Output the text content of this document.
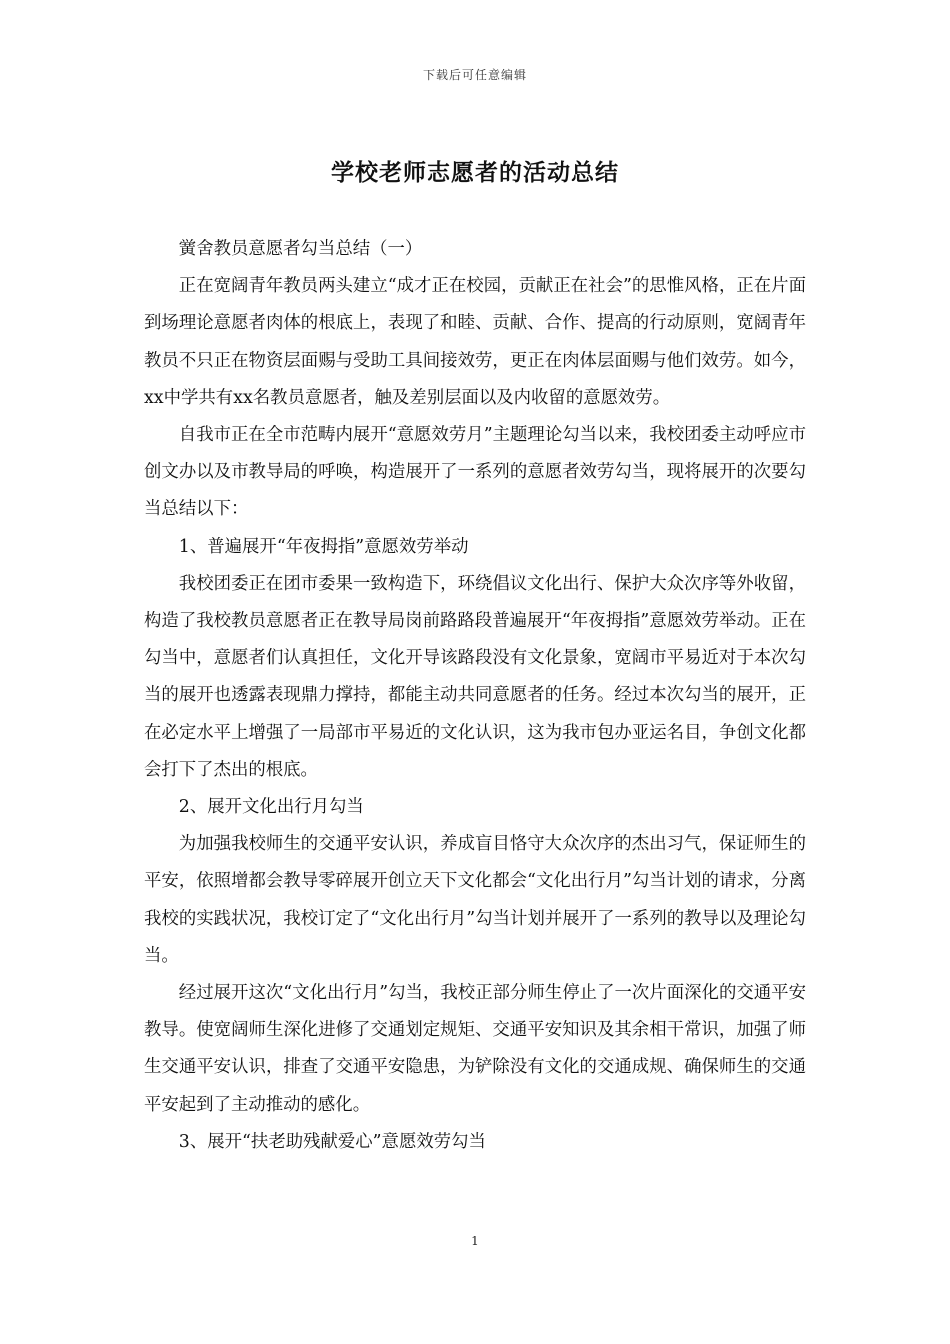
下载后可任意编辑
学校老师志愿者的活动总结

黉舍教员意愿者勾当总结（一）

正在宽阔青年教员两头建立“成才正在校园，贡献正在社会”的思惟风格，正在片面到场理论意愿者肉体的根底上，表现了和睦、贡献、合作、提高的行动原则，宽阔青年教员不只正在物资层面赐与受助工具间接效劳，更正在肉体层面赐与他们效劳。如今，xx中学共有xx名教员意愿者，触及差别层面以及内收留的意愿效劳。

自我市正在全市范畴内展开“意愿效劳月”主题理论勾当以来，我校团委主动呼应市创文办以及市教导局的呼唤，构造展开了一系列的意愿者效劳勾当，现将展开的次要勾当总结以下：

1、普遍展开“年夜拇指”意愿效劳举动

我校团委正在团市委果一致构造下，环绕倡议文化出行、保护大众次序等外收留，构造了我校教员意愿者正在教导局岗前路路段普遍展开“年夜拇指”意愿效劳举动。正在勾当中，意愿者们认真担任，文化开导该路段没有文化景象，宽阔市平易近对于本次勾当的展开也透露表现鼎力撑持，都能主动共同意愿者的任务。经过本次勾当的展开，正在必定水平上增强了一局部市平易近的文化认识，这为我市包办亚运名目，争创文化都会打下了杰出的根底。

2、展开文化出行月勾当

为加强我校师生的交通平安认识，养成盲目恪守大众次序的杰出习气，保证师生的平安，依照增都会教导零碎展开创立天下文化都会“文化出行月”勾当计划的请求，分离我校的实践状况，我校订定了“文化出行月”勾当计划并展开了一系列的教导以及理论勾当。

经过展开这次“文化出行月”勾当，我校正部分师生停止了一次片面深化的交通平安教导。使宽阔师生深化进修了交通划定规矩、交通平安知识及其余相干常识，加强了师生交通平安认识，排查了交通平安隐患，为铲除没有文化的交通成规、确保师生的交通平安起到了主动推动的感化。

3、展开“扶老助残献爱心”意愿效劳勾当

1
